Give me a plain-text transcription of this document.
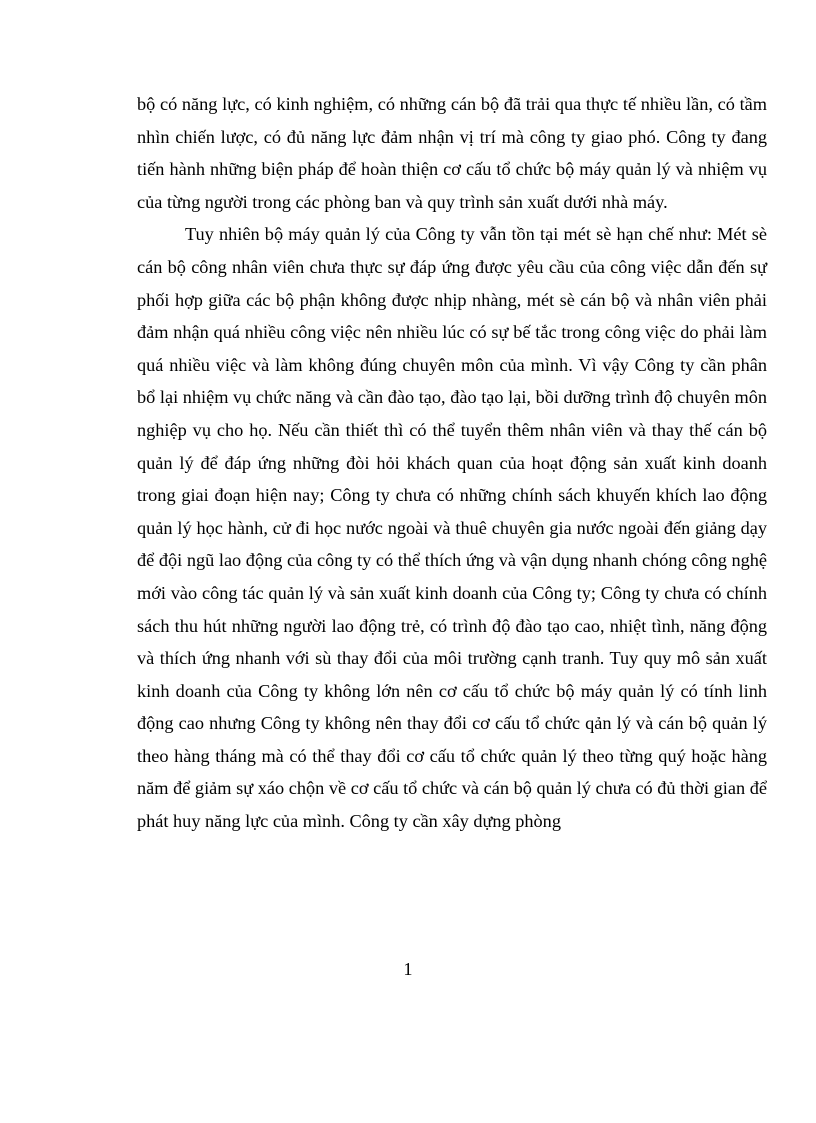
bộ có năng lực, có kinh nghiệm, có những cán bộ đã trải qua thực tế nhiều lần, có tầm nhìn chiến lược, có đủ năng lực đảm nhận vị trí mà công ty giao phó. Công ty đang tiến hành những biện pháp để hoàn thiện cơ cấu tổ chức bộ máy quản lý và nhiệm vụ của từng người trong các phòng ban và quy trình sản xuất dưới nhà máy.

Tuy nhiên bộ máy quản lý của Công ty vẫn tồn tại mét sè hạn chế như: Mét sè cán bộ công nhân viên chưa thực sự đáp ứng được yêu cầu của công việc dẫn đến sự phối hợp giữa các bộ phận không được nhịp nhàng, mét sè cán bộ và nhân viên phải đảm nhận quá nhiều công việc nên nhiều lúc có sự bế tắc trong công việc do phải làm quá nhiều việc và làm không đúng chuyên môn của mình. Vì vậy Công ty cần phân bổ lại nhiệm vụ chức năng và cần đào tạo, đào tạo lại, bồi dưỡng trình độ chuyên môn nghiệp vụ cho họ. Nếu cần thiết thì có thể tuyển thêm nhân viên và thay thế cán bộ quản lý để đáp ứng những đòi hỏi khách quan của hoạt động sản xuất kinh doanh trong giai đoạn hiện nay; Công ty chưa có những chính sách khuyến khích lao động quản lý học hành, cử đi học nước ngoài và thuê chuyên gia nước ngoài đến giảng dạy để đội ngũ lao động của công ty có thể thích ứng và vận dụng nhanh chóng công nghệ mới vào công tác quản lý và sản xuất kinh doanh của Công ty; Công ty chưa có chính sách thu hút những người lao động trẻ, có trình độ đào tạo cao, nhiệt tình, năng động và thích ứng nhanh với sù thay đổi của môi trường cạnh tranh. Tuy quy mô sản xuất kinh doanh của Công ty không lớn nên cơ cấu tổ chức bộ máy quản lý có tính linh động cao nhưng Công ty không nên thay đổi cơ cấu tổ chức qản lý và cán bộ quản lý theo hàng tháng mà có thể thay đổi cơ cấu tổ chức quản lý theo từng quý hoặc hàng năm để giảm sự xáo chộn về cơ cấu tổ chức và cán bộ quản lý chưa có đủ thời gian để phát huy năng lực của mình. Công ty cần xây dựng phòng

1
